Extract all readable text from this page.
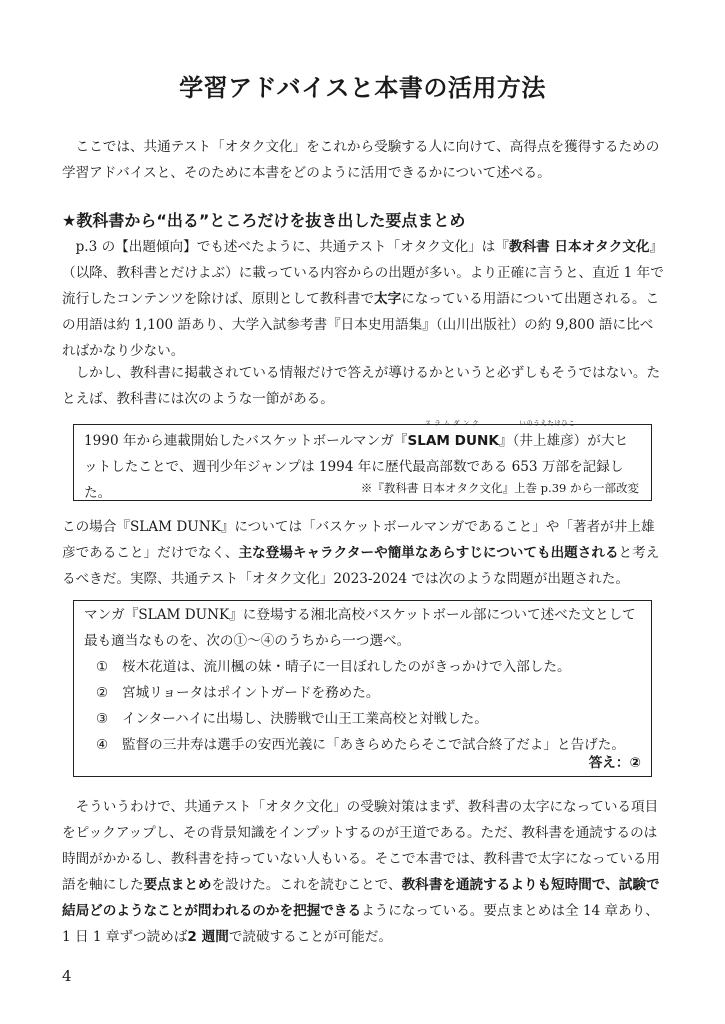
学習アドバイスと本書の活用方法

ここでは、共通テスト「オタク文化」をこれから受験する人に向けて、高得点を獲得するための学習アドバイスと、そのために本書をどのように活用できるかについて述べる。

★教科書から“出る”ところだけを抜き出した要点まとめ

p.3 の【出題傾向】でも述べたように、共通テスト「オタク文化」は『教科書 日本オタク文化』（以降、教科書とだけよぶ）に載っている内容からの出題が多い。より正確に言うと、直近 1 年で流行したコンテンツを除けば、原則として教科書で太字になっている用語について出題される。この用語は約 1,100 語あり、大学入試参考書『日本史用語集』（山川出版社）の約 9,800 語に比べればかなり少ない。

しかし、教科書に掲載されている情報だけで答えが導けるかというと必ずしもそうではない。たとえば、教科書には次のような一節がある。

1990 年から連載開始したバスケットボールマンガ『
スラムダンク
SLAM DUNK』（
いのうえたけひこ
井上雄彦）が大ヒットしたことで、週刊少年ジャンプは 1994 年に歴代最高部数である 653 万部を記録した。	※『教科書 日本オタク文化』上巻 p.39 から一部改変

この場合『SLAM DUNK』については「バスケットボールマンガであること」や「著者が井上雄彦であること」だけでなく、主な登場キャラクターや簡単なあらすじについても出題されると考えるべきだ。実際、共通テスト「オタク文化」2023-2024 では次のような問題が出題された。

マンガ『SLAM DUNK』に登場する湘北高校バスケットボール部について述べた文として最も適当なものを、次の①～④のうちから一つ選べ。

① 桜木花道は、流川楓の妹・晴子に一目ぼれしたのがきっかけで入部した。

② 宮城リョータはポイントガードを務めた。

③ インターハイに出場し、決勝戦で山王工業高校と対戦した。

④ 監督の三井寿は選手の安西光義に「あきらめたらそこで試合終了だよ」と告げた。

答え：②

そういうわけで、共通テスト「オタク文化」の受験対策はまず、教科書の太字になっている項目をピックアップし、その背景知識をインプットするのが王道である。ただ、教科書を通読するのは時間がかかるし、教科書を持っていない人もいる。そこで本書では、教科書で太字になっている用語を軸にした要点まとめを設けた。これを読むことで、教科書を通読するよりも短時間で、試験で結局どのようなことが問われるのかを把握できるようになっている。要点まとめは全 14 章あり、1 日 1 章ずつ読めば2 週間で読破することが可能だ。

4
